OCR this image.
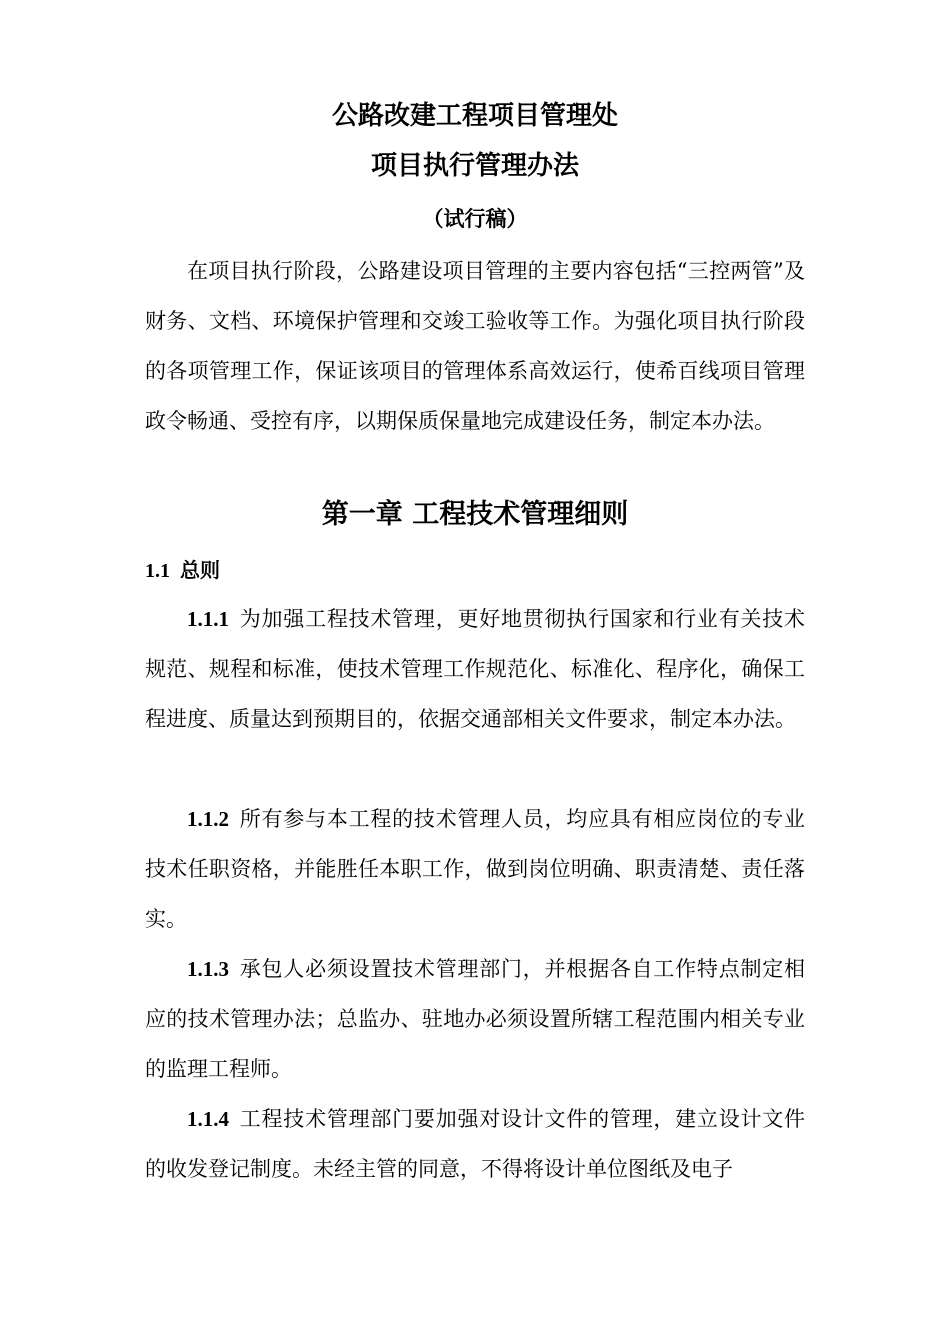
公路改建工程项目管理处
项目执行管理办法
（试行稿）

在项目执行阶段，公路建设项目管理的主要内容包括“三控两管”及财务、文档、环境保护管理和交竣工验收等工作。为强化项目执行阶段的各项管理工作，保证该项目的管理体系高效运行，使希百线项目管理政令畅通、受控有序，以期保质保量地完成建设任务，制定本办法。

第一章 工程技术管理细则
1.1 总则

1.1.1 为加强工程技术管理，更好地贯彻执行国家和行业有关技术规范、规程和标准，使技术管理工作规范化、标准化、程序化，确保工程进度、质量达到预期目的，依据交通部相关文件要求，制定本办法。

1.1.2 所有参与本工程的技术管理人员，均应具有相应岗位的专业技术任职资格，并能胜任本职工作，做到岗位明确、职责清楚、责任落实。

1.1.3 承包人必须设置技术管理部门，并根据各自工作特点制定相应的技术管理办法；总监办、驻地办必须设置所辖工程范围内相关专业的监理工程师。

1.1.4 工程技术管理部门要加强对设计文件的管理，建立设计文件的收发登记制度。未经主管的同意，不得将设计单位图纸及电子
